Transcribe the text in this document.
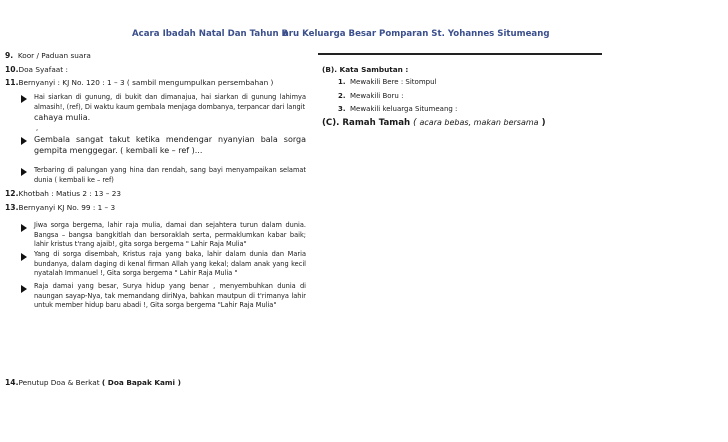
Acara Ibadah Natal Dan Tahun B
aru Keluarga Besar Pomparan St. Yohannes Situmeang
9. Koor / Paduan suara
10.Doa Syafaat :
11.Bernyanyi : KJ No. 120 : 1 – 3 ( sambil mengumpulkan persembahan )
Hai siarkan di gunung, di bukit dan dimanajua, hai siarkan di gunung lahimya almasih!, (ref), Di waktu kaum gembala menjaga dombanya, terpancar dari langit
cahaya mulia.
,
Gembala sangat takut ketika mendengar nyanyian bala sorga gempita menggegar. ( kembali ke – ref )...
Terbaring di palungan yang hina dan rendah, sang bayi menyampaikan selamat dunia ( kembali ke – ref)
12.Khotbah : Matius 2 : 13 – 23
13.Bernyanyi KJ No. 99 : 1 – 3
Jiwa sorga bergema, lahir raja mulia, damai dan sejahtera turun dalam dunia. Bangsa – bangsa bangkitlah dan bersoraklah serta, permaklumkan kabar baik; lahir kristus t'rang ajaib!, gita sorga bergema " Lahir Raja Mulia"
Yang di sorga disembah, Kristus raja yang baka, lahir dalam dunia dan Maria bundanya, dalam daging di kenal firman Allah yang kekal; dalam anak yang kecil nyatalah Immanuel !, Gita sorga bergema " Lahir Raja Mulia "
Raja damai yang besar, Surya hidup yang benar , menyembuhkan dunia di naungan sayap-Nya, tak memandang diriNya, bahkan mautpun di t'rimanya lahir untuk member hidup baru abadi !, Gita sorga bergema "Lahir Raja Mulia"
14.Penutup Doa & Berkat ( Doa Bapak Kami )
(B). Kata Sambutan :
1. Mewakili Bere : Sitompul
2. Mewakili Boru :
3. Mewakili keluarga Situmeang :
(C). Ramah Tamah ( acara bebas, makan bersama )
